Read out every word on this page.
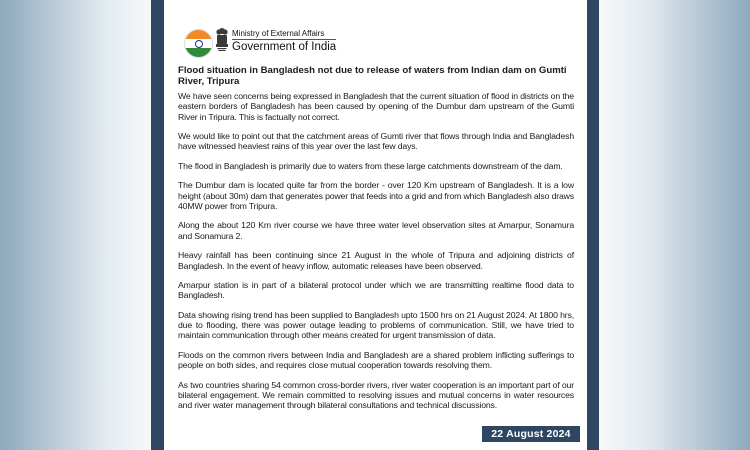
Ministry of External Affairs
Government of India
Flood situation in Bangladesh not due to release of waters from Indian dam on Gumti River, Tripura

We have seen concerns being expressed in Bangladesh that the current situation of flood in districts on the eastern borders of Bangladesh has been caused by opening of the Dumbur dam upstream of the Gumti River in Tripura. This is factually not correct.

We would like to point out that the catchment areas of Gumti river that flows through India and Bangladesh have witnessed heaviest rains of this year over the last few days.

The flood in Bangladesh is primarily due to waters from these large catchments downstream of the dam.

The Dumbur dam is located quite far from the border - over 120 Km upstream of Bangladesh. It is a low height (about 30m) dam that generates power that feeds into a grid and from which Bangladesh also draws 40MW power from Tripura.

Along the about 120 Km river course we have three water level observation sites at Amarpur, Sonamura and Sonamura 2.

Heavy rainfall has been continuing since 21 August in the whole of Tripura and adjoining districts of Bangladesh. In the event of heavy inflow, automatic releases have been observed.

Amarpur station is in part of a bilateral protocol under which we are transmitting realtime flood data to Bangladesh.

Data showing rising trend has been supplied to Bangladesh upto 1500 hrs on 21 August 2024. At 1800 hrs, due to flooding, there was power outage leading to problems of communication. Still, we have tried to maintain communication through other means created for urgent transmission of data.

Floods on the common rivers between India and Bangladesh are a shared problem inflicting sufferings to people on both sides, and requires close mutual cooperation towards resolving them.

As two countries sharing 54 common cross-border rivers, river water cooperation is an important part of our bilateral engagement. We remain committed to resolving issues and mutual concerns in water resources and river water management through bilateral consultations and technical discussions.

22 August 2024
